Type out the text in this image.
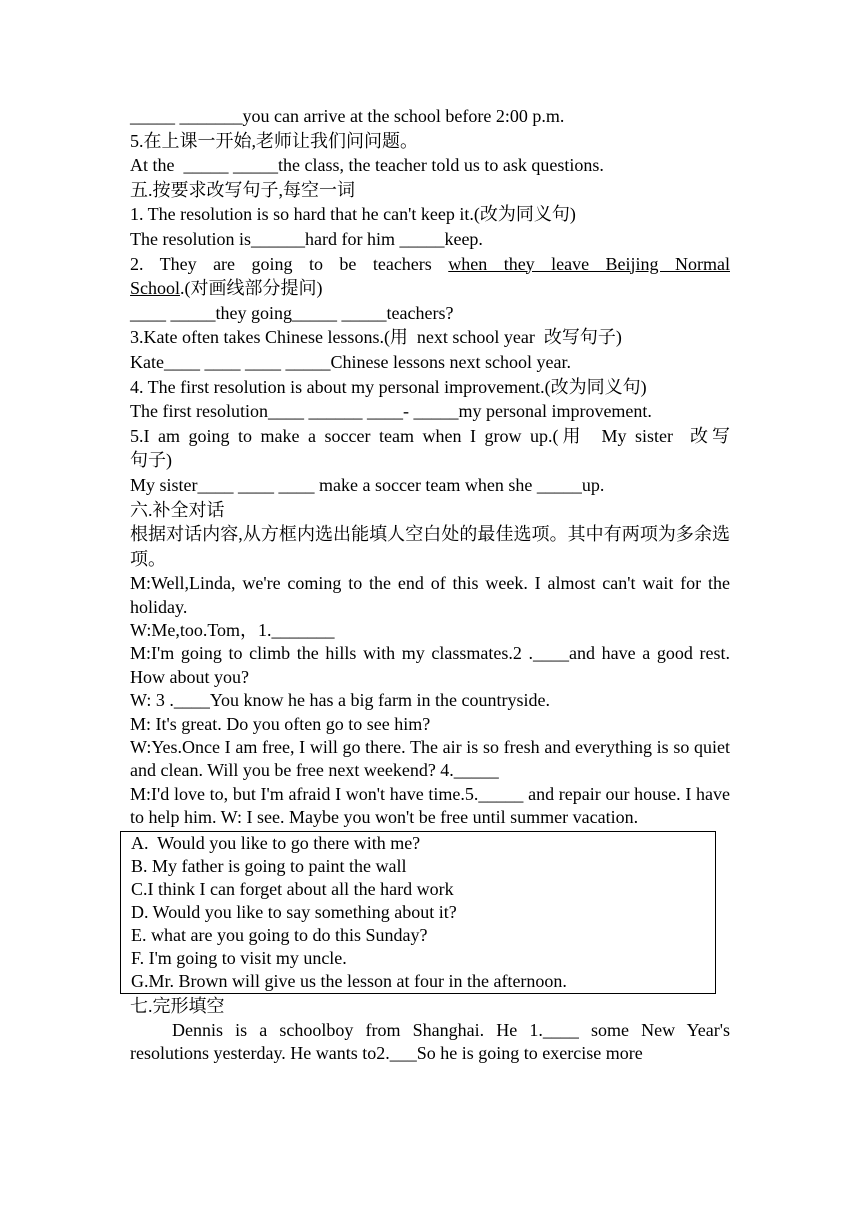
_____ _______you can arrive at the school before 2:00 p.m.
5.在上课一开始,老师让我们问问题。
At the  _____ _____the class, the teacher told us to ask questions.
五.按要求改写句子,每空一词
1. The resolution is so hard that he can't keep it.(改为同义句)
The resolution is______hard for him _____keep.
2. They are going to be teachers when they leave Beijing Normal
School.(对画线部分提问)
____ _____they going_____ _____teachers?
3.Kate often takes Chinese lessons.(用  next school year  改写句子)
Kate____ ____ ____ _____Chinese lessons next school year.
4. The first resolution is about my personal improvement.(改为同义句)
The first resolution____ ______ ____- _____my personal improvement.
5.I am going to make a soccer team when I grow up.(用  My sister  改写
句子)
My sister____ ____ ____ make a soccer team when she _____up.
六.补全对话
根据对话内容,从方框内选出能填人空白处的最佳选项。其中有两项为多余选项。
M:Well,Linda, we're coming to the end of this week. I almost can't wait for the holiday.
W:Me,too.Tom，1._______
M:I'm going to climb the hills with my classmates.2 .____and have a good rest. How about you?
W: 3 .____You know he has a big farm in the countryside.
M: It's great. Do you often go to see him?
W:Yes.Once I am free, I will go there. The air is so fresh and everything is so quiet and clean. Will you be free next weekend? 4._____
M:I'd love to, but I'm afraid I won't have time.5._____ and repair our house. I have to help him. W: I see. Maybe you won't be free until summer vacation.
A.  Would you like to go there with me?
B. My father is going to paint the wall
C.I think I can forget about all the hard work
D. Would you like to say something about it?
E. what are you going to do this Sunday?
F. I'm going to visit my uncle.
G.Mr. Brown will give us the lesson at four in the afternoon.
七.完形填空
Dennis is a schoolboy from Shanghai. He 1.____ some New Year's resolutions yesterday. He wants to2.___So he is going to exercise more
